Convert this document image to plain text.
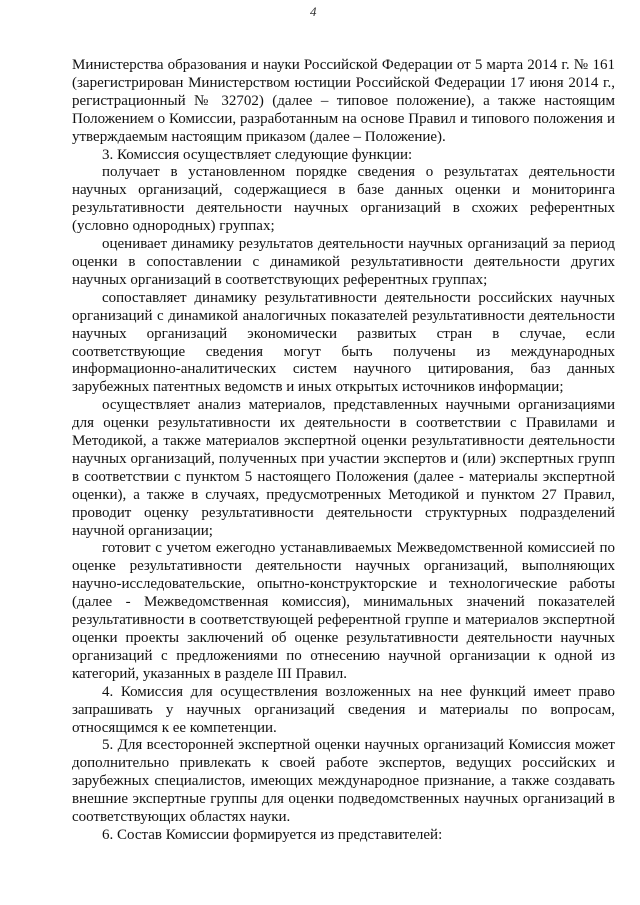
4

Министерства образования и науки Российской Федерации от 5 марта 2014 г. № 161 (зарегистрирован Министерством юстиции Российской Федерации 17 июня 2014 г., регистрационный № 32702) (далее – типовое положение), а также настоящим Положением о Комиссии, разработанным на основе Правил и типового положения и утверждаемым настоящим приказом (далее – Положение).

3. Комиссия осуществляет следующие функции:

получает в установленном порядке сведения о результатах деятельности научных организаций, содержащиеся в базе данных оценки и мониторинга результативности деятельности научных организаций в схожих референтных (условно однородных) группах;

оценивает динамику результатов деятельности научных организаций за период оценки в сопоставлении с динамикой результативности деятельности других научных организаций в соответствующих референтных группах;

сопоставляет динамику результативности деятельности российских научных организаций с динамикой аналогичных показателей результативности деятельности научных организаций экономически развитых стран в случае, если соответствующие сведения могут быть получены из международных информационно-аналитических систем научного цитирования, баз данных зарубежных патентных ведомств и иных открытых источников информации;

осуществляет анализ материалов, представленных научными организациями для оценки результативности их деятельности в соответствии с Правилами и Методикой, а также материалов экспертной оценки результативности деятельности научных организаций, полученных при участии экспертов и (или) экспертных групп в соответствии с пунктом 5 настоящего Положения (далее - материалы экспертной оценки), а также в случаях, предусмотренных Методикой и пунктом 27 Правил, проводит оценку результативности деятельности структурных подразделений научной организации;

готовит с учетом ежегодно устанавливаемых Межведомственной комиссией по оценке результативности деятельности научных организаций, выполняющих научно-исследовательские, опытно-конструкторские и технологические работы (далее - Межведомственная комиссия), минимальных значений показателей результативности в соответствующей референтной группе и материалов экспертной оценки проекты заключений об оценке результативности деятельности научных организаций с предложениями по отнесению научной организации к одной из категорий, указанных в разделе III Правил.

4. Комиссия для осуществления возложенных на нее функций имеет право запрашивать у научных организаций сведения и материалы по вопросам, относящимся к ее компетенции.

5. Для всесторонней экспертной оценки научных организаций Комиссия может дополнительно привлекать к своей работе экспертов, ведущих российских и зарубежных специалистов, имеющих международное признание, а также создавать внешние экспертные группы для оценки подведомственных научных организаций в соответствующих областях науки.

6. Состав Комиссии формируется из представителей:
